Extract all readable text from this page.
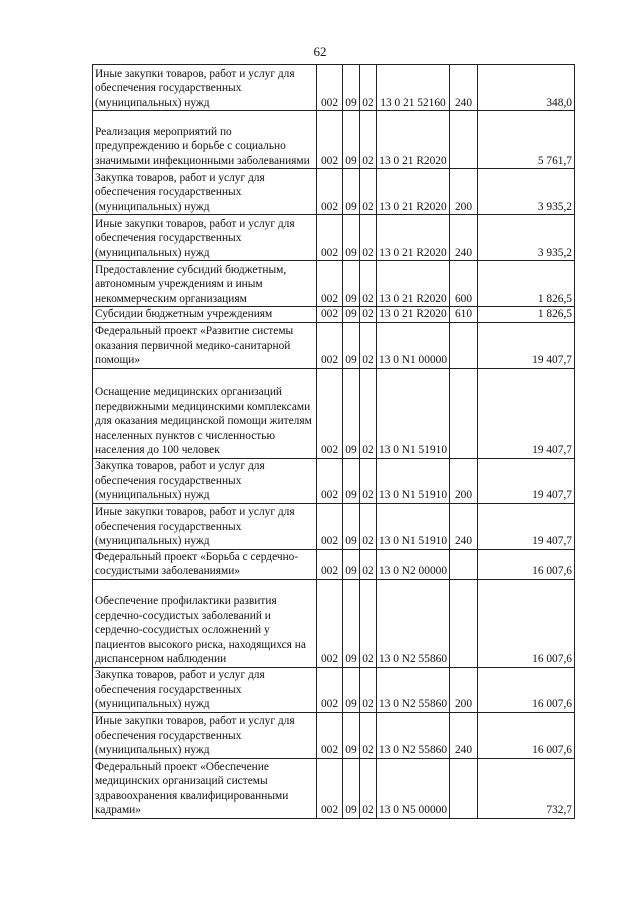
62
Иные закупки товаров, работ и услуг для обеспечения государственных (муниципальных) нужд	002	09	02	13 0 21 52160	240	348,0
Реализация мероприятий по предупреждению и борьбе с социально значимыми инфекционными заболеваниями	002	09	02	13 0 21 R2020		5 761,7
Закупка товаров, работ и услуг для обеспечения государственных (муниципальных) нужд	002	09	02	13 0 21 R2020	200	3 935,2
Иные закупки товаров, работ и услуг для обеспечения государственных (муниципальных) нужд	002	09	02	13 0 21 R2020	240	3 935,2
Предоставление субсидий бюджетным, автономным учреждениям и иным некоммерческим организациям	002	09	02	13 0 21 R2020	600	1 826,5
Субсидии бюджетным учреждениям	002	09	02	13 0 21 R2020	610	1 826,5
Федеральный проект «Развитие системы оказания первичной медико-санитарной помощи»	002	09	02	13 0 N1 00000		19 407,7
Оснащение медицинских организаций передвижными медицинскими комплексами для оказания медицинской помощи жителям населенных пунктов с численностью населения до 100 человек	002	09	02	13 0 N1 51910		19 407,7
Закупка товаров, работ и услуг для обеспечения государственных (муниципальных) нужд	002	09	02	13 0 N1 51910	200	19 407,7
Иные закупки товаров, работ и услуг для обеспечения государственных (муниципальных) нужд	002	09	02	13 0 N1 51910	240	19 407,7
Федеральный проект «Борьба с сердечно-сосудистыми заболеваниями»	002	09	02	13 0 N2 00000		16 007,6
Обеспечение профилактики развития сердечно-сосудистых заболеваний и сердечно-сосудистых осложнений у пациентов высокого риска, находящихся на диспансерном наблюдении	002	09	02	13 0 N2 55860		16 007,6
Закупка товаров, работ и услуг для обеспечения государственных (муниципальных) нужд	002	09	02	13 0 N2 55860	200	16 007,6
Иные закупки товаров, работ и услуг для обеспечения государственных (муниципальных) нужд	002	09	02	13 0 N2 55860	240	16 007,6
Федеральный проект «Обеспечение медицинских организаций системы здравоохранения квалифицированными кадрами»	002	09	02	13 0 N5 00000		732,7
